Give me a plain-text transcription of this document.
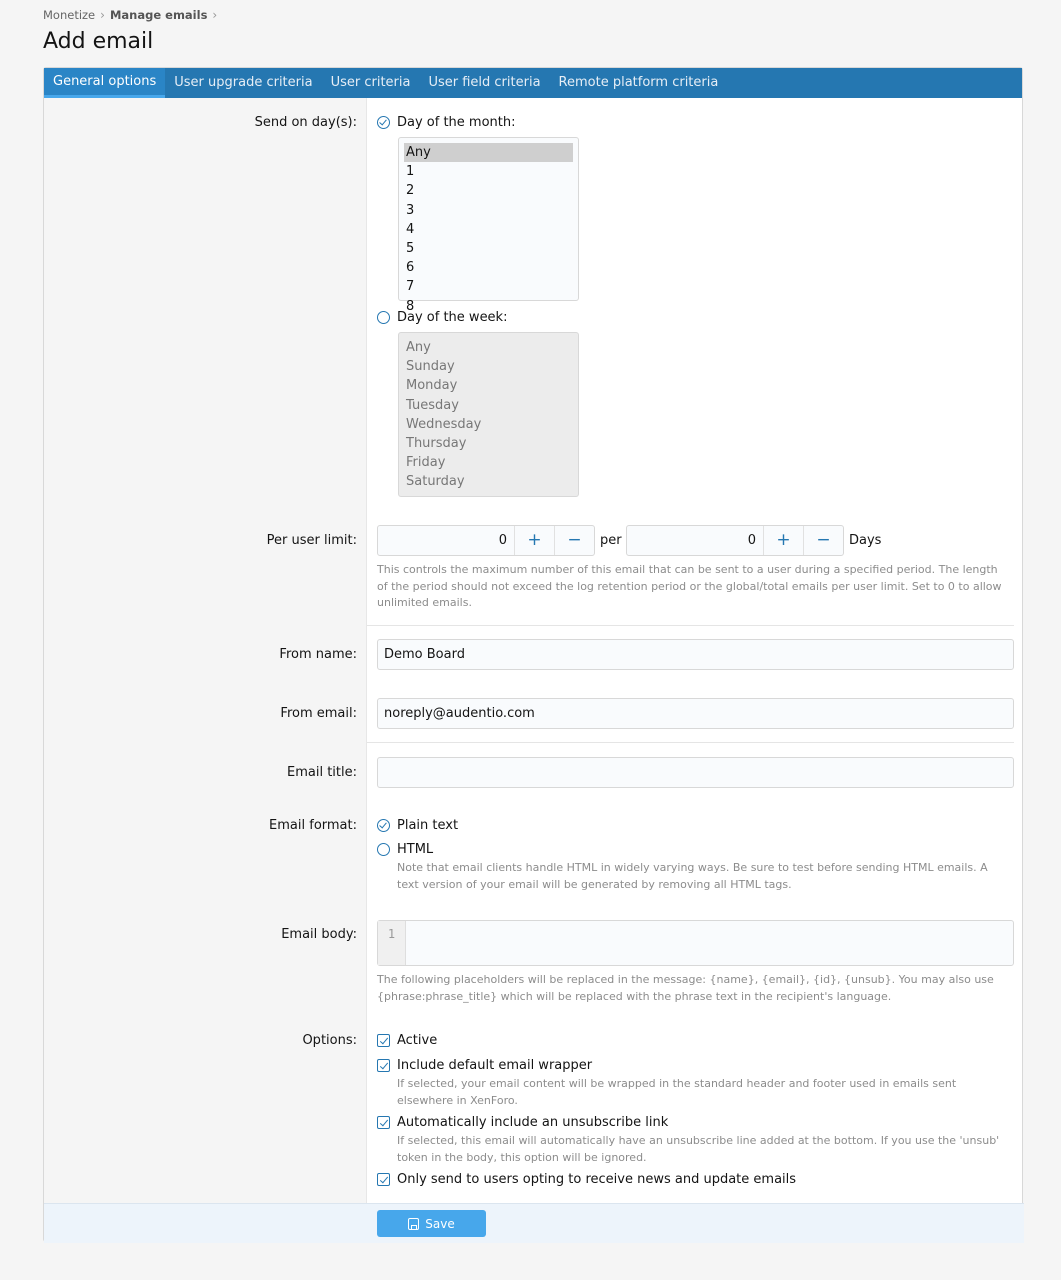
Monetize › Manage emails ›
Add email
General options	User upgrade criteria	User criteria	User field criteria	Remote platform criteria
Send on day(s):	Day of the month:
Any
1
2
3
4
5
6
7
8
Day of the week:
Any
Sunday
Monday
Tuesday
Wednesday
Thursday
Friday
Saturday
Per user limit:	0	+	−	per	0	+	−	Days
This controls the maximum number of this email that can be sent to a user during a specified period. The length of the period should not exceed the log retention period or the global/total emails per user limit. Set to 0 to allow unlimited emails.
From name:	Demo Board
From email:	noreply@audentio.com
Email title:
Email format:	Plain text
HTML
Note that email clients handle HTML in widely varying ways. Be sure to test before sending HTML emails. A text version of your email will be generated by removing all HTML tags.
Email body:	1
The following placeholders will be replaced in the message: {name}, {email}, {id}, {unsub}. You may also use {phrase:phrase_title} which will be replaced with the phrase text in the recipient's language.
Options:	Active
Include default email wrapper
If selected, your email content will be wrapped in the standard header and footer used in emails sent elsewhere in XenForo.
Automatically include an unsubscribe link
If selected, this email will automatically have an unsubscribe line added at the bottom. If you use the 'unsub' token in the body, this option will be ignored.
Only send to users opting to receive news and update emails
Save
